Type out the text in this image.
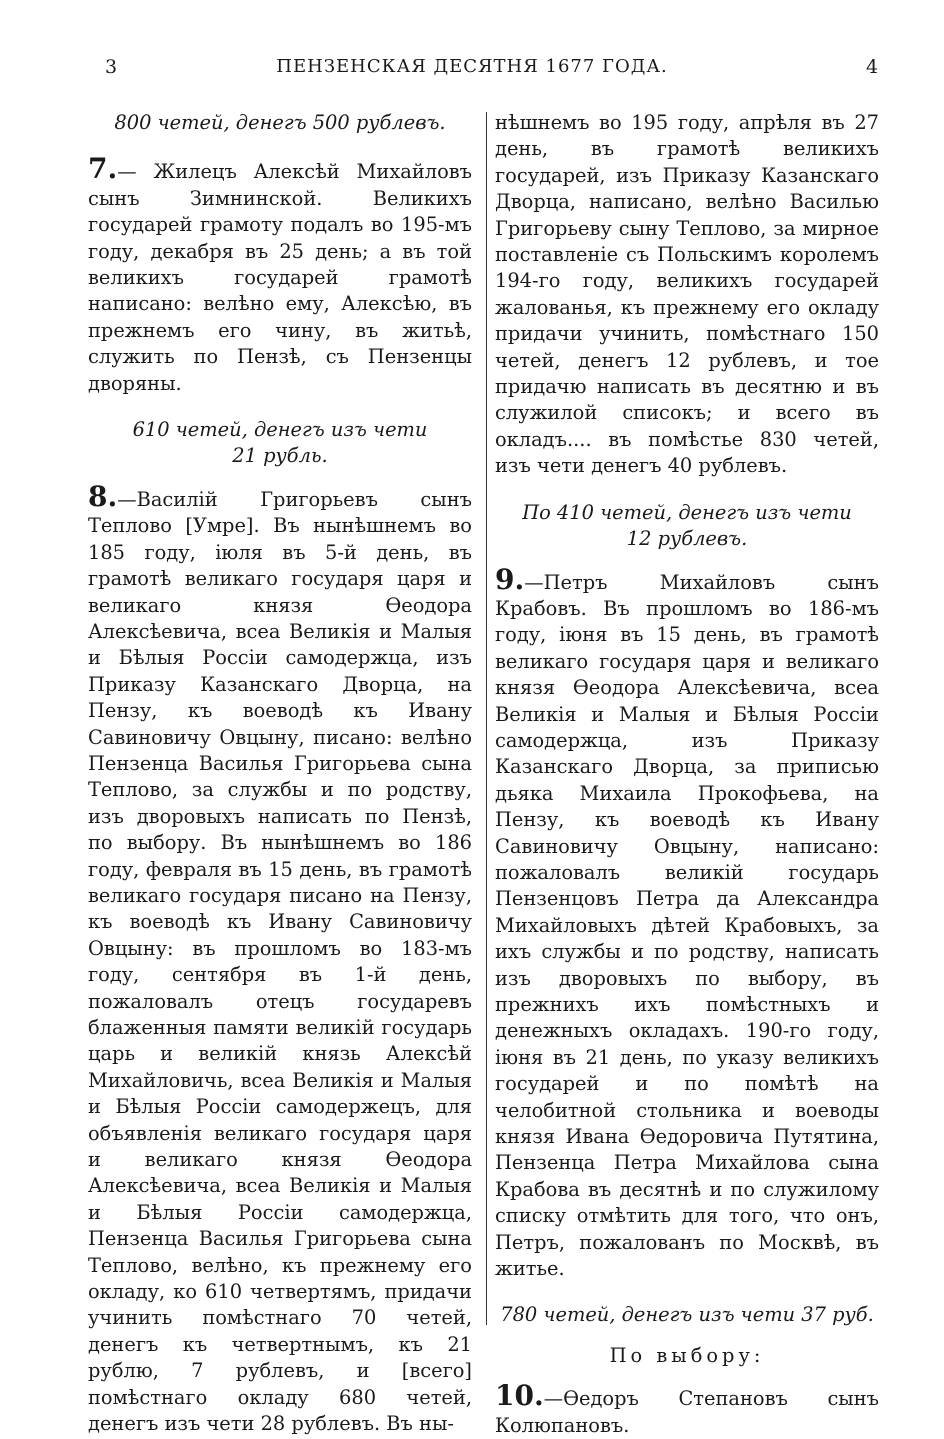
3	ПЕНЗЕНСКАЯ ДЕСЯТНЯ 1677 ГОДА.	4

800 четей, денегъ 500 рублевъ.

7.— Жилецъ Алексѣй Михайловъ сынъ Зимнинской. Великихъ государей грамоту подалъ во 195-мъ году, декабря въ 25 день; а въ той великихъ государей грамотѣ написано: велѣно ему, Алексѣю, въ прежнемъ его чину, въ житьѣ, служить по Пензѣ, съ Пензенцы дворяны.

610 четей, денегъ изъ чети

21 рубль.

8.—Василій Григорьевъ сынъ Теплово [Умре]. Въ нынѣшнемъ во 185 году, іюля въ 5-й день, въ грамотѣ великаго государя царя и великаго князя Ѳеодора Алексѣевича, всеа Великія и Малыя и Бѣлыя Россіи самодержца, изъ Приказу Казанскаго Дворца, на Пензу, къ воеводѣ къ Ивану Савиновичу Овцыну, писано: велѣно Пензенца Василья Григорьева сына Теплово, за службы и по родству, изъ дворовыхъ написать по Пензѣ, по выбору. Въ нынѣшнемъ во 186 году, февраля въ 15 день, въ грамотѣ великаго государя писано на Пензу, къ воеводѣ къ Ивану Савиновичу Овцыну: въ прошломъ во 183-мъ году, сентября въ 1-й день, пожаловалъ отецъ государевъ блаженныя памяти великій государь царь и великій князь Алексѣй Михайловичь, всеа Великія и Малыя и Бѣлыя Россіи самодержецъ, для объявленія великаго государя царя и великаго князя Ѳеодора Алексѣевича, всеа Великія и Малыя и Бѣлыя Россіи самодержца, Пензенца Василья Григорьева сына Теплово, велѣно, къ прежнему его окладу, ко 610 четвертямъ, придачи учинить помѣстнаго 70 четей, денегъ къ четвертнымъ, къ 21 рублю, 7 рублевъ, и [всего] помѣстнаго окладу 680 четей, денегъ изъ чети 28 рублевъ. Въ ны-

нѣшнемъ во 195 году, апрѣля въ 27 день, въ грамотѣ великихъ государей, изъ Приказу Казанскаго Дворца, написано, велѣно Василью Григорьеву сыну Теплово, за мирное поставленіе съ Польскимъ королемъ 194-го году, великихъ государей жалованья, къ прежнему его окладу придачи учинить, помѣстнаго 150 четей, денегъ 12 рублевъ, и тое придачю написать въ десятню и въ служилой списокъ; и всего въ окладъ.... въ помѣстье 830 четей, изъ чети денегъ 40 рублевъ.

По 410 четей, денегъ изъ чети

12 рублевъ.

9.—Петръ Михайловъ сынъ Крабовъ. Въ прошломъ во 186-мъ году, іюня въ 15 день, въ грамотѣ великаго государя царя и великаго князя Ѳеодора Алексѣевича, всеа Великія и Малыя и Бѣлыя Россіи самодержца, изъ Приказу Казанскаго Дворца, за приписью дьяка Михаила Прокофьева, на Пензу, къ воеводѣ къ Ивану Савиновичу Овцыну, написано: пожаловалъ великій государь Пензенцовъ Петра да Александра Михайловыхъ дѣтей Крабовыхъ, за ихъ службы и по родству, написать изъ дворовыхъ по выбору, въ прежнихъ ихъ помѣстныхъ и денежныхъ окладахъ. 190-го году, іюня въ 21 день, по указу великихъ государей и по помѣтѣ на челобитной стольника и воеводы князя Ивана Ѳедоровича Путятина, Пензенца Петра Михайлова сына Крабова въ десятнѣ и по служилому списку отмѣтить для того, что онъ, Петръ, пожалованъ по Москвѣ, въ житье.

780 четей, денегъ изъ чети 37 руб.

По выбору:

10.—Ѳедоръ Степановъ сынъ Колюпановъ.
